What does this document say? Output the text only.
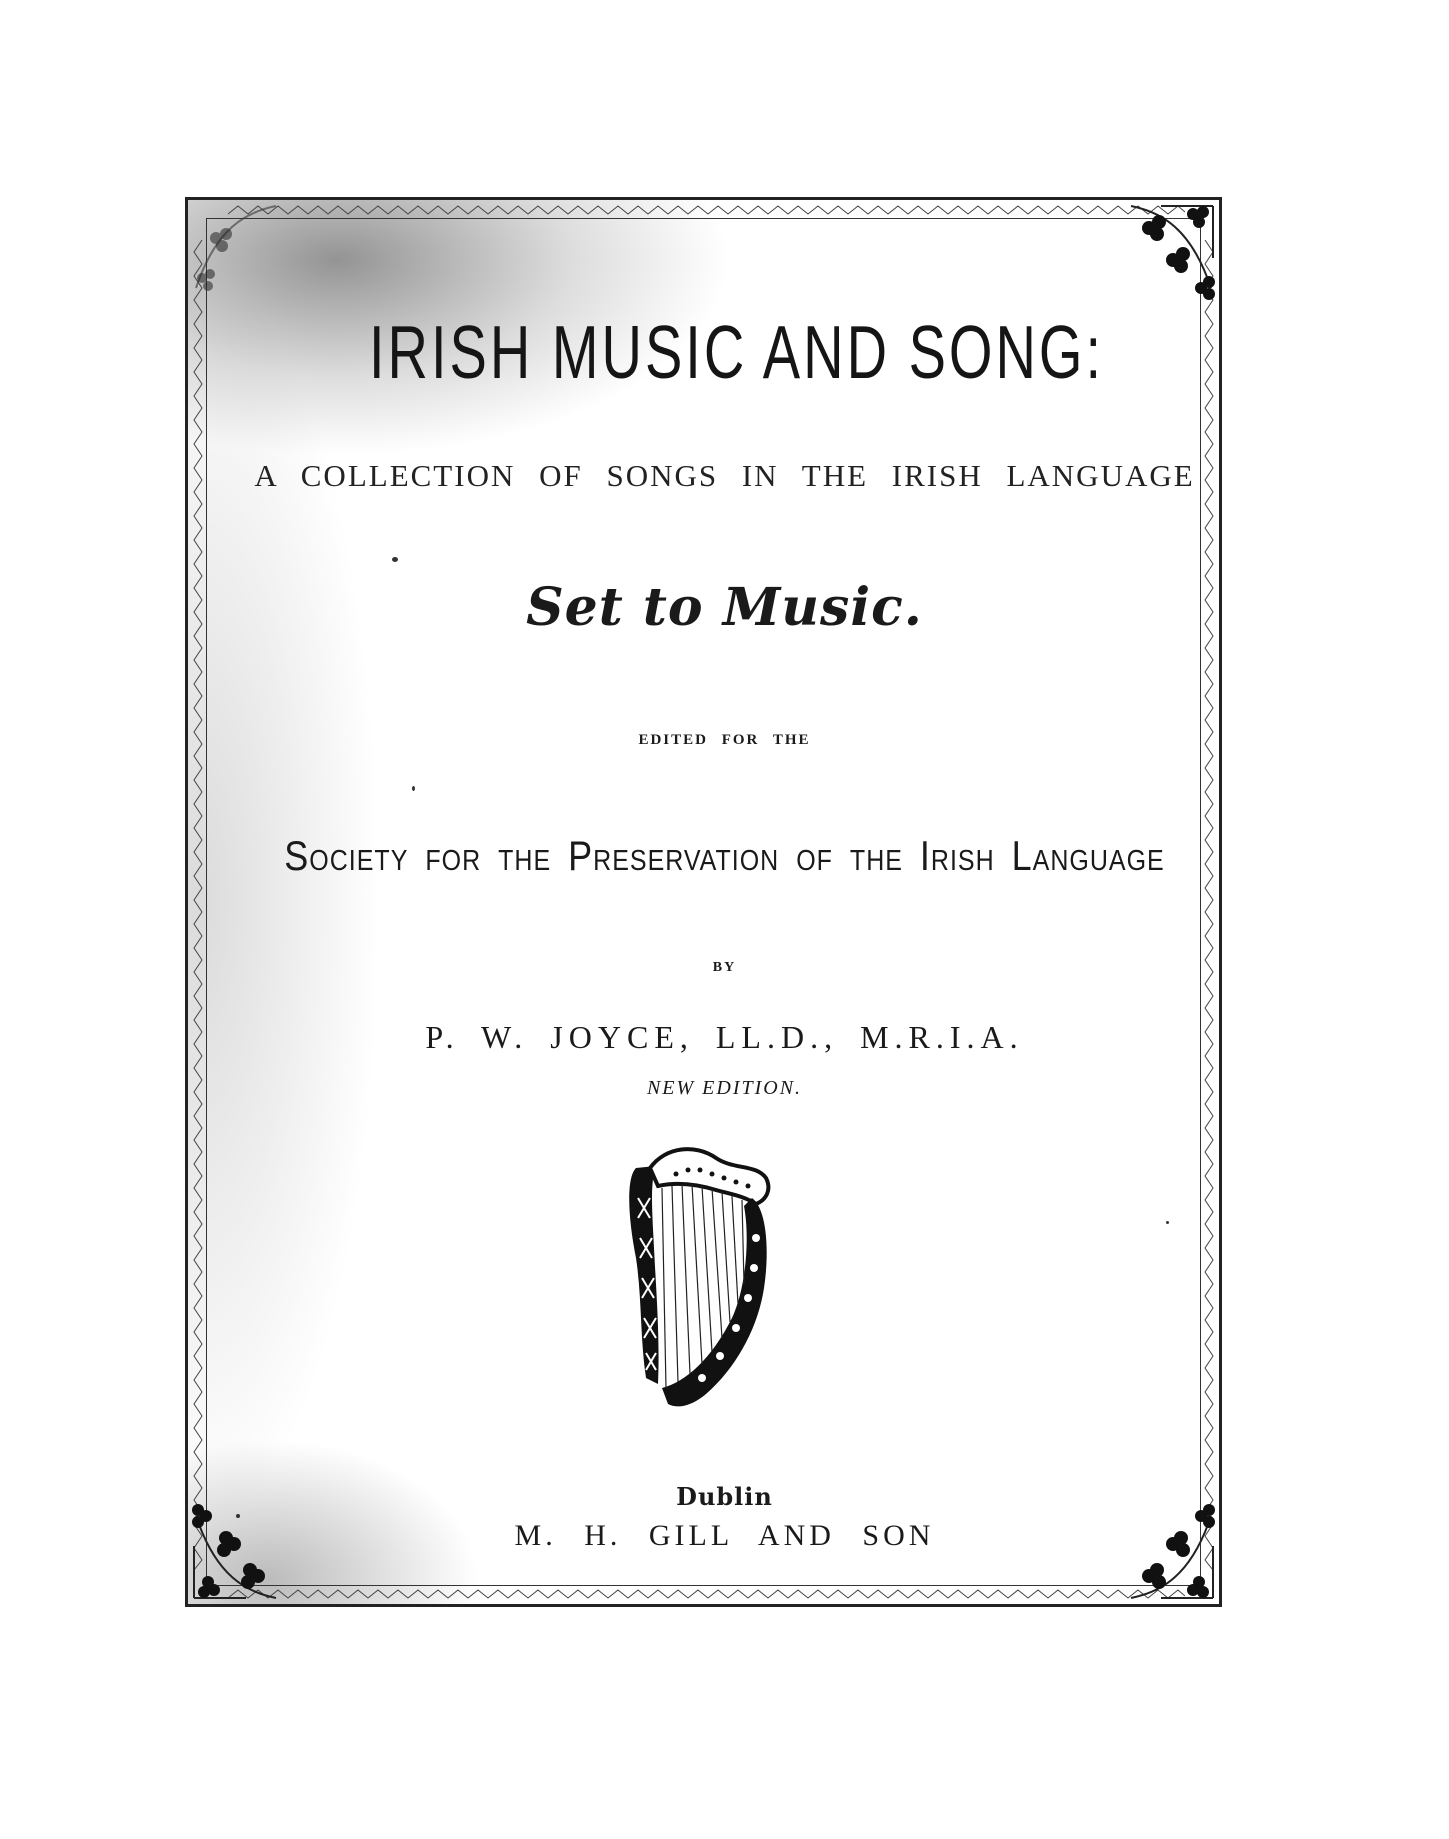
IRISH MUSIC AND SONG:
A COLLECTION OF SONGS IN THE IRISH LANGUAGE
Set to Music.
EDITED FOR THE
Society for the Preservation of the Irish Language
BY
P. W. JOYCE, LL.D., M.R.I.A.
NEW EDITION.
Dublin
M. H. GILL AND SON
